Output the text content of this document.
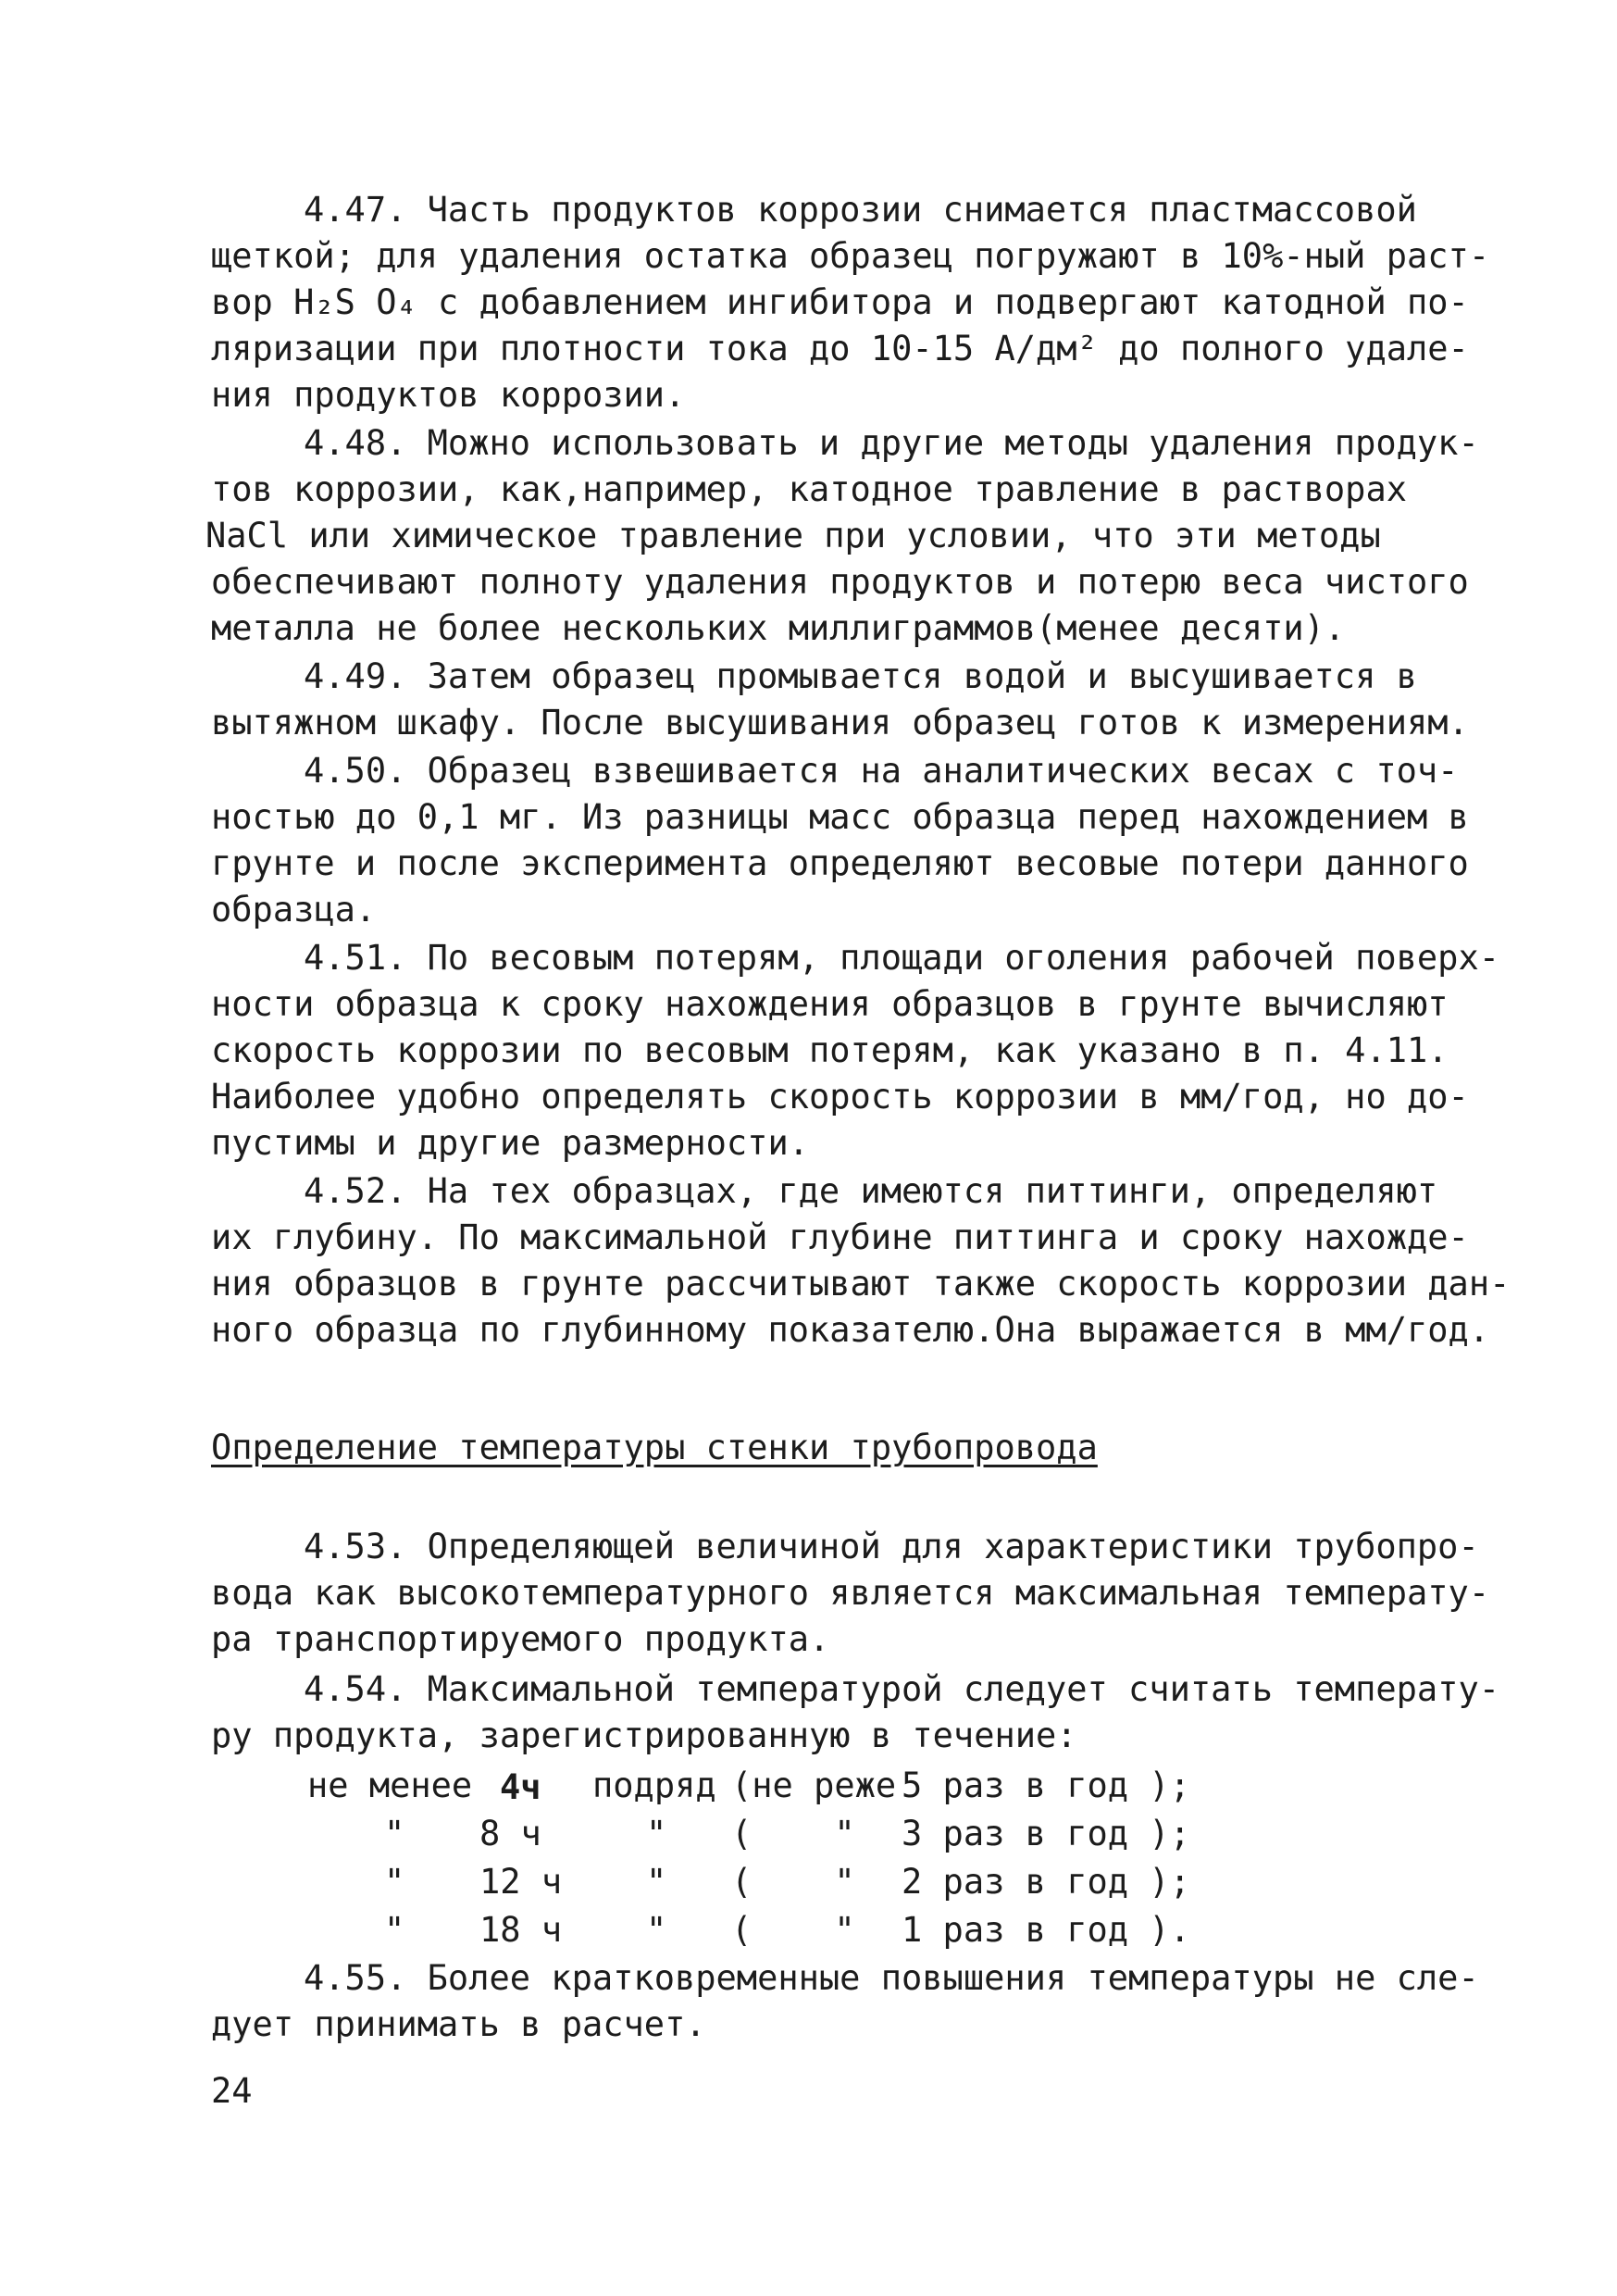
4.47. Часть продуктов коррозии снимается пластмассовой
щеткой; для удаления остатка образец погружают в 10%-ный раст-
вор H₂S O₄ с добавлением ингибитора и подвергают катодной по-
ляризации при плотности тока до 10-15 А/дм² до полного удале-
ния продуктов коррозии.
4.48. Можно использовать и другие методы удаления продук-
тов коррозии, как,например, катодное травление в растворах
NaCl или химическое травление при условии, что эти методы
обеспечивают полноту удаления продуктов и потерю веса чистого
металла не более нескольких миллиграммов(менее десяти).
4.49. Затем образец промывается водой и высушивается в
вытяжном шкафу. После высушивания образец готов к измерениям.
4.50. Образец взвешивается на аналитических весах с точ-
ностью до 0,1 мг. Из разницы масс образца перед нахождением в
грунте и после эксперимента определяют весовые потери данного
образца.
4.51. По весовым потерям, площади оголения рабочей поверх-
ности образца к сроку нахождения образцов в грунте вычисляют
скорость коррозии по весовым потерям, как указано в п. 4.11.
Наиболее удобно определять скорость коррозии в мм/год, но до-
пустимы и другие размерности.
4.52. На тех образцах, где имеются питтинги, определяют
их глубину. По максимальной глубине питтинга и сроку нахожде-
ния образцов в грунте рассчитывают также скорость коррозии дан-
ного образца по глубинному показателю.Она выражается в мм/год.
Определение температуры стенки трубопровода
4.53. Определяющей величиной для характеристики трубопро-
вода как высокотемпературного является максимальная температу-
ра транспортируемого продукта.
4.54. Максимальной температурой следует считать температу-
ру продукта, зарегистрированную в течение:
не менее 4ч подряд (не реже 5 раз в год );
" 8 ч	" (    " 3 раз в год );
" 12 ч " (    " 2 раз в год );
" 18 ч " (    " 1 раз в год ).
4.55. Более кратковременные повышения температуры не сле-
дует принимать в расчет.
24
